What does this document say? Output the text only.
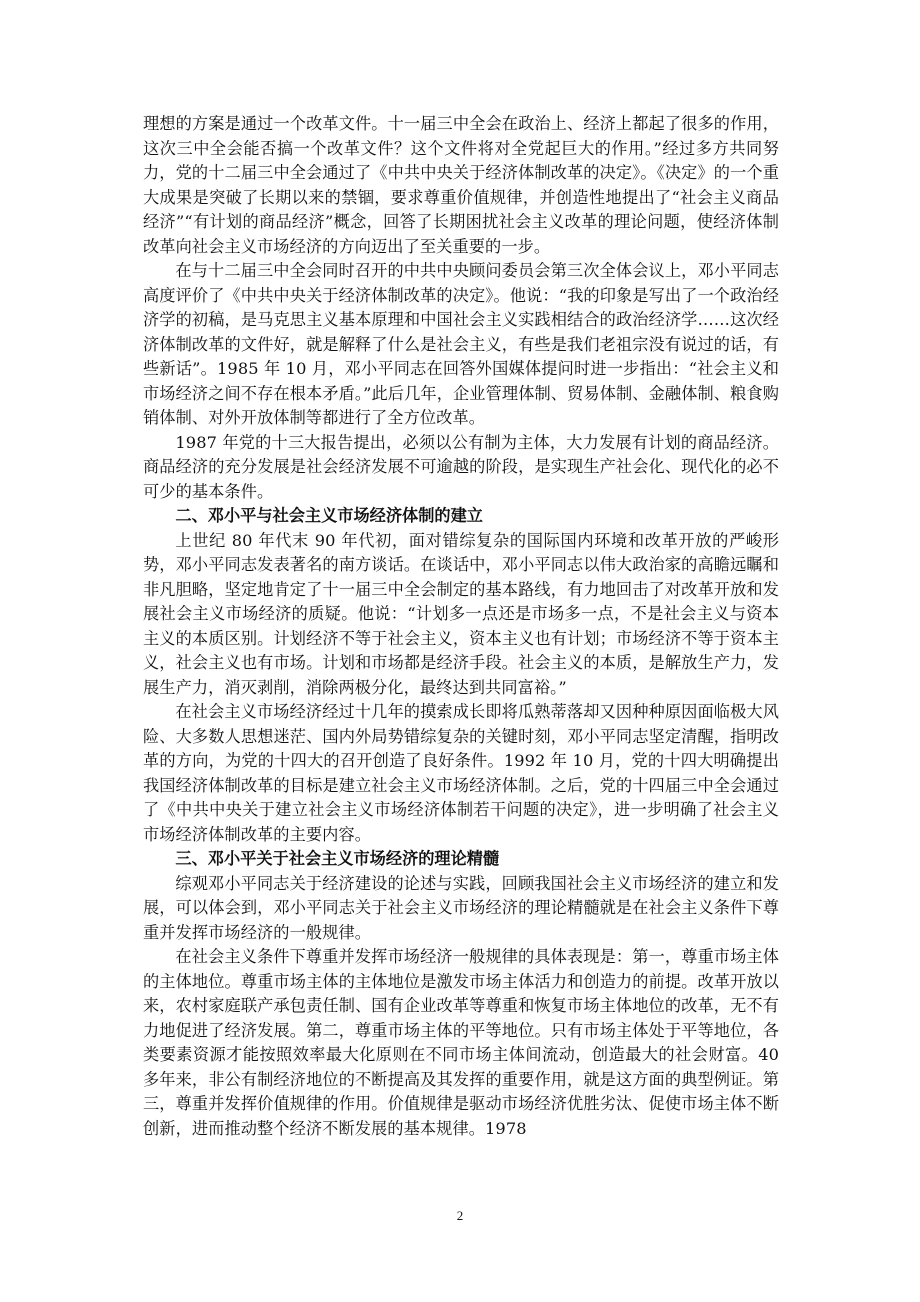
理想的方案是通过一个改革文件。十一届三中全会在政治上、经济上都起了很多的作用，这次三中全会能否搞一个改革文件？这个文件将对全党起巨大的作用。”经过多方共同努力，党的十二届三中全会通过了《中共中央关于经济体制改革的决定》。《决定》的一个重大成果是突破了长期以来的禁锢，要求尊重价值规律，并创造性地提出了“社会主义商品经济”“有计划的商品经济”概念，回答了长期困扰社会主义改革的理论问题，使经济体制改革向社会主义市场经济的方向迈出了至关重要的一步。

在与十二届三中全会同时召开的中共中央顾问委员会第三次全体会议上，邓小平同志高度评价了《中共中央关于经济体制改革的决定》。他说：“我的印象是写出了一个政治经济学的初稿，是马克思主义基本原理和中国社会主义实践相结合的政治经济学……这次经济体制改革的文件好，就是解释了什么是社会主义，有些是我们老祖宗没有说过的话，有些新话”。1985 年 10 月，邓小平同志在回答外国媒体提问时进一步指出：“社会主义和市场经济之间不存在根本矛盾。”此后几年，企业管理体制、贸易体制、金融体制、粮食购销体制、对外开放体制等都进行了全方位改革。

1987 年党的十三大报告提出，必须以公有制为主体，大力发展有计划的商品经济。商品经济的充分发展是社会经济发展不可逾越的阶段，是实现生产社会化、现代化的必不可少的基本条件。

二、邓小平与社会主义市场经济体制的建立

上世纪 80 年代末 90 年代初，面对错综复杂的国际国内环境和改革开放的严峻形势，邓小平同志发表著名的南方谈话。在谈话中，邓小平同志以伟大政治家的高瞻远瞩和非凡胆略，坚定地肯定了十一届三中全会制定的基本路线，有力地回击了对改革开放和发展社会主义市场经济的质疑。他说：“计划多一点还是市场多一点，不是社会主义与资本主义的本质区别。计划经济不等于社会主义，资本主义也有计划；市场经济不等于资本主义，社会主义也有市场。计划和市场都是经济手段。社会主义的本质，是解放生产力，发展生产力，消灭剥削，消除两极分化，最终达到共同富裕。”

在社会主义市场经济经过十几年的摸索成长即将瓜熟蒂落却又因种种原因面临极大风险、大多数人思想迷茫、国内外局势错综复杂的关键时刻，邓小平同志坚定清醒，指明改革的方向，为党的十四大的召开创造了良好条件。1992 年 10 月，党的十四大明确提出我国经济体制改革的目标是建立社会主义市场经济体制。之后，党的十四届三中全会通过了《中共中央关于建立社会主义市场经济体制若干问题的决定》，进一步明确了社会主义市场经济体制改革的主要内容。

三、邓小平关于社会主义市场经济的理论精髓

综观邓小平同志关于经济建设的论述与实践，回顾我国社会主义市场经济的建立和发展，可以体会到，邓小平同志关于社会主义市场经济的理论精髓就是在社会主义条件下尊重并发挥市场经济的一般规律。

在社会主义条件下尊重并发挥市场经济一般规律的具体表现是：第一，尊重市场主体的主体地位。尊重市场主体的主体地位是激发市场主体活力和创造力的前提。改革开放以来，农村家庭联产承包责任制、国有企业改革等尊重和恢复市场主体地位的改革，无不有力地促进了经济发展。第二，尊重市场主体的平等地位。只有市场主体处于平等地位，各类要素资源才能按照效率最大化原则在不同市场主体间流动，创造最大的社会财富。40 多年来，非公有制经济地位的不断提高及其发挥的重要作用，就是这方面的典型例证。第三，尊重并发挥价值规律的作用。价值规律是驱动市场经济优胜劣汰、促使市场主体不断创新，进而推动整个经济不断发展的基本规律。1978

2
